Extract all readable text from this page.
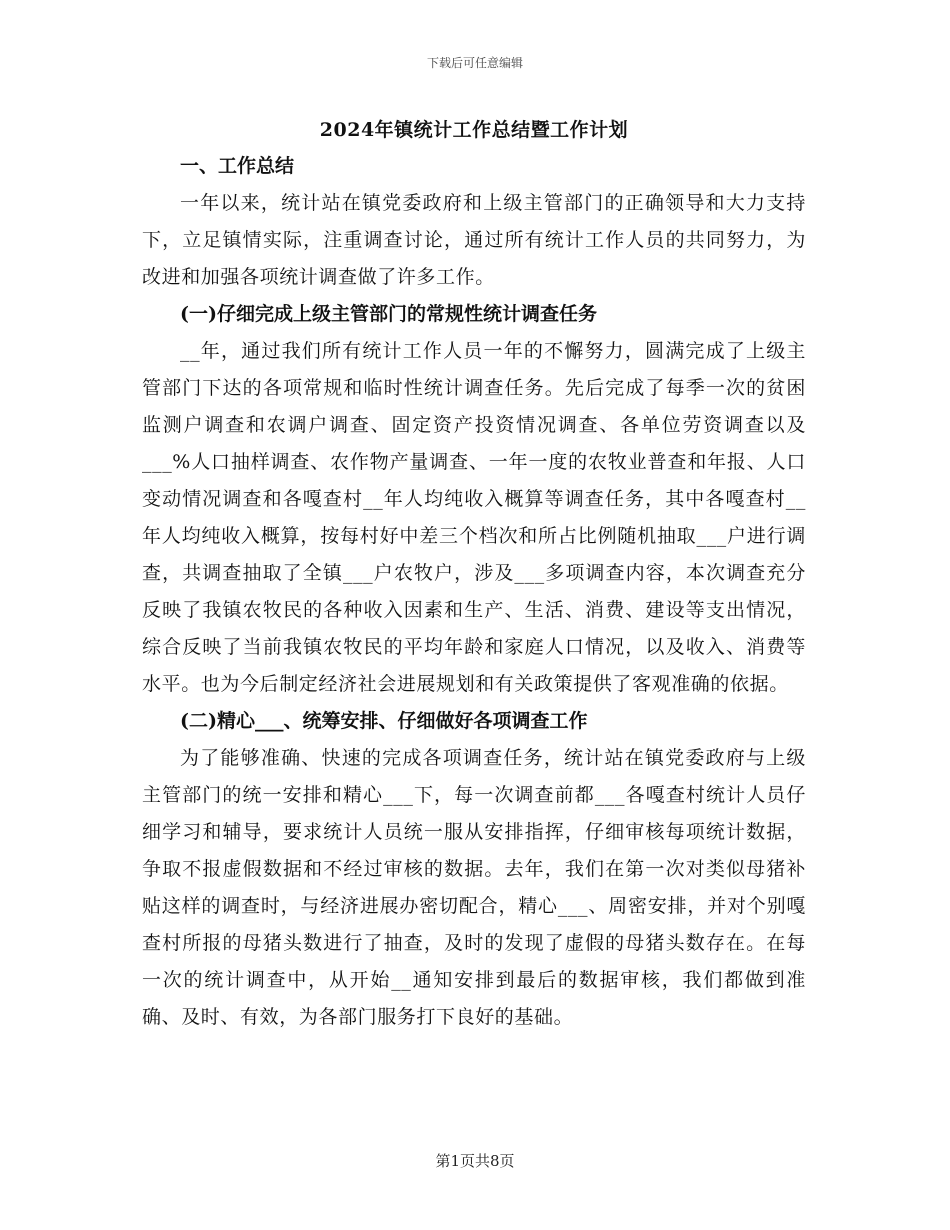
下载后可任意编辑
2024年镇统计工作总结暨工作计划

一、工作总结

一年以来，统计站在镇党委政府和上级主管部门的正确领导和大力支持下，立足镇情实际，注重调查讨论，通过所有统计工作人员的共同努力，为改进和加强各项统计调查做了许多工作。

(一)仔细完成上级主管部门的常规性统计调查任务

__年，通过我们所有统计工作人员一年的不懈努力，圆满完成了上级主管部门下达的各项常规和临时性统计调查任务。先后完成了每季一次的贫困监测户调查和农调户调查、固定资产投资情况调查、各单位劳资调查以及___%人口抽样调查、农作物产量调查、一年一度的农牧业普查和年报、人口变动情况调查和各嘎查村__年人均纯收入概算等调查任务，其中各嘎查村__年人均纯收入概算，按每村好中差三个档次和所占比例随机抽取___户进行调查，共调查抽取了全镇___户农牧户，涉及___多项调查内容，本次调查充分反映了我镇农牧民的各种收入因素和生产、生活、消费、建设等支出情况，综合反映了当前我镇农牧民的平均年龄和家庭人口情况，以及收入、消费等水平。也为今后制定经济社会进展规划和有关政策提供了客观准确的依据。

(二)精心___、统筹安排、仔细做好各项调查工作

为了能够准确、快速的完成各项调查任务，统计站在镇党委政府与上级主管部门的统一安排和精心___下，每一次调查前都___各嘎查村统计人员仔细学习和辅导，要求统计人员统一服从安排指挥，仔细审核每项统计数据，争取不报虚假数据和不经过审核的数据。去年，我们在第一次对类似母猪补贴这样的调查时，与经济进展办密切配合，精心___、周密安排，并对个别嘎查村所报的母猪头数进行了抽查，及时的发现了虚假的母猪头数存在。在每一次的统计调查中，从开始__通知安排到最后的数据审核，我们都做到准确、及时、有效，为各部门服务打下良好的基础。

第1页共8页
